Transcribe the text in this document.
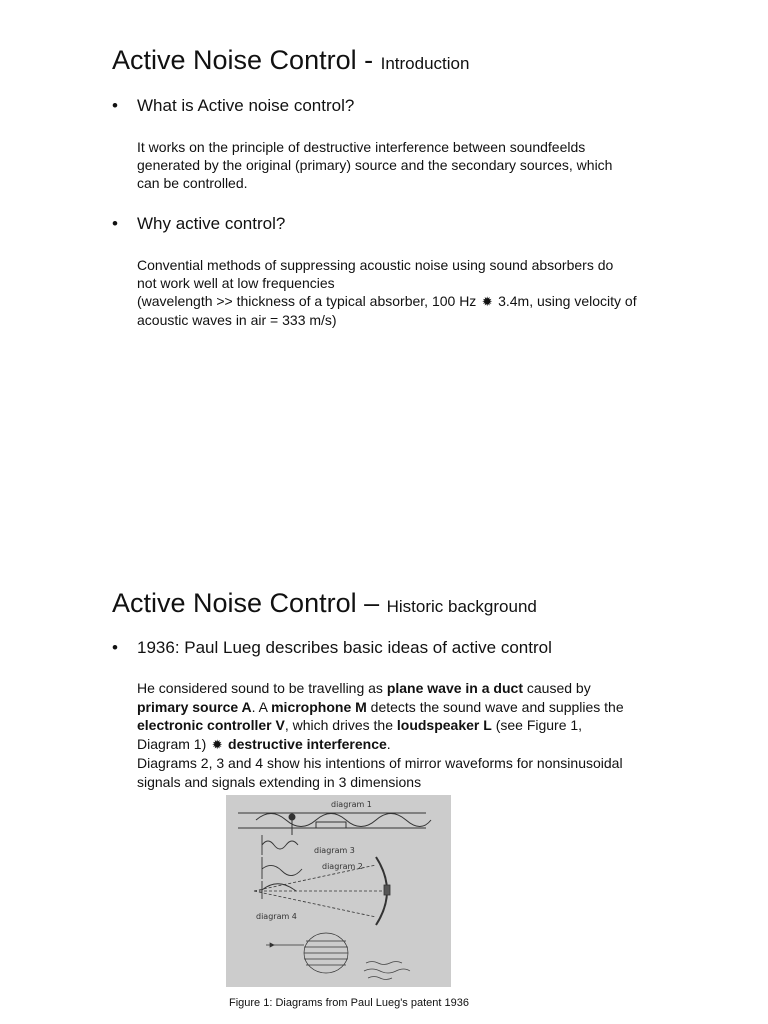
Active Noise Control - Introduction
• What is Active noise control?

It works on the principle of destructive interference between soundfeelds
generated by the original (primary) source and the secondary sources, which
can be controlled.

• Why active control?

Convential methods of suppressing acoustic noise using sound absorbers do
not work well at low frequencies
(wavelength >> thickness of a typical absorber, 100 Hz ✹ 3.4m, using velocity of
acoustic waves in air = 333 m/s)

Active Noise Control – Historic background
• 1936: Paul Lueg describes basic ideas of active control

He considered sound to be travelling as plane wave in a duct caused by
primary source A. A microphone M detects the sound wave and supplies the
electronic controller V, which drives the loudspeaker L (see Figure 1,
Diagram 1) ✹ destructive interference.
Diagrams 2, 3 and 4 show his intentions of mirror waveforms for nonsinusoidal
signals and signals extending in 3 dimensions

diagram 1
diagram 3
diagram 2
diagram 4

Figure 1: Diagrams from Paul Lueg's patent 1936
